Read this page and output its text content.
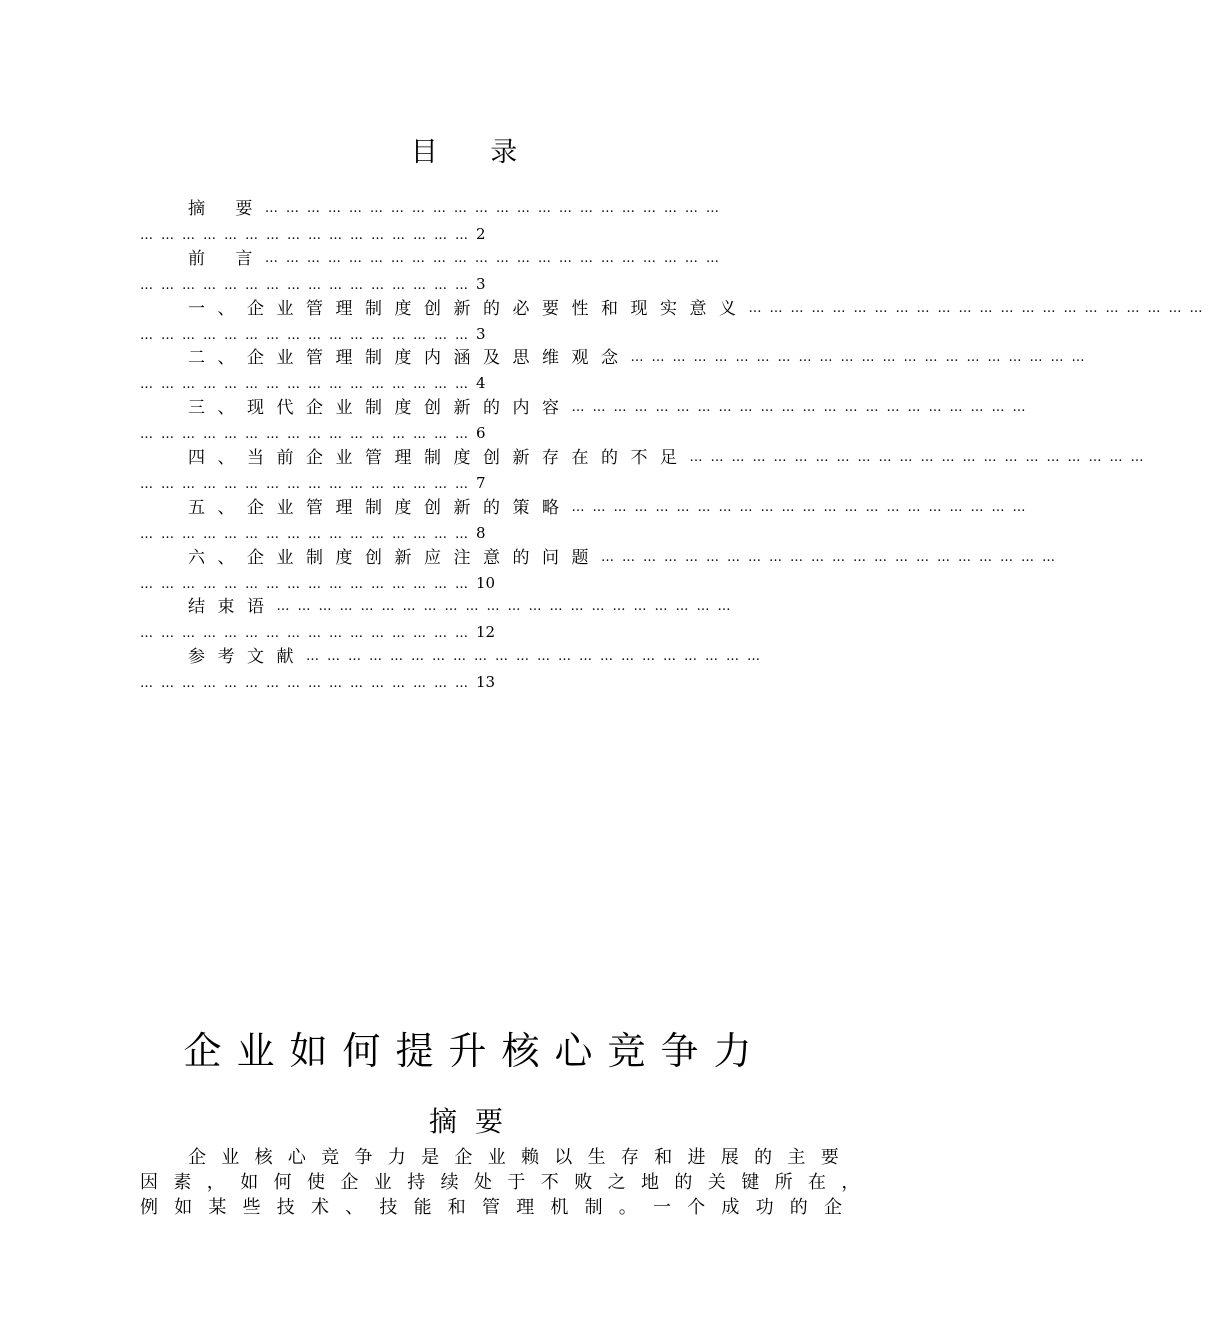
目 录
摘 要 …………………………………………………………
…………………………………………2
前 言 …………………………………………………………
…………………………………………3
一、企业管理制度创新的必要性和现实意义 …………………………………………………………
…………………………………………3
二、企业管理制度内涵及思维观念 …………………………………………………………
…………………………………………4
三、现代企业制度创新的内容 …………………………………………………………
…………………………………………6
四、当前企业管理制度创新存在的不足 …………………………………………………………
…………………………………………7
五、企业管理制度创新的策略 …………………………………………………………
…………………………………………8
六、企业制度创新应注意的问题 …………………………………………………………
…………………………………………10
结束语 …………………………………………………………
…………………………………………12
参考文献 …………………………………………………………
…………………………………………13
企业如何提升核心竞争力
摘要
企业核心竞争力是企业赖以生存和进展的主要
因素，如何使企业持续处于不败之地的关键所在，
例如某些技术、技能和管理机制。一个成功的企
